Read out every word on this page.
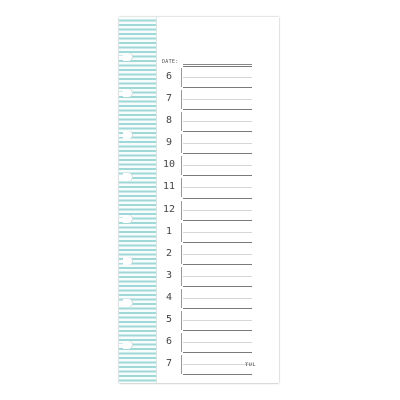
DATE:
6
7
8
9
10
11
12
1
2
3
4
5
6
7	TUL
